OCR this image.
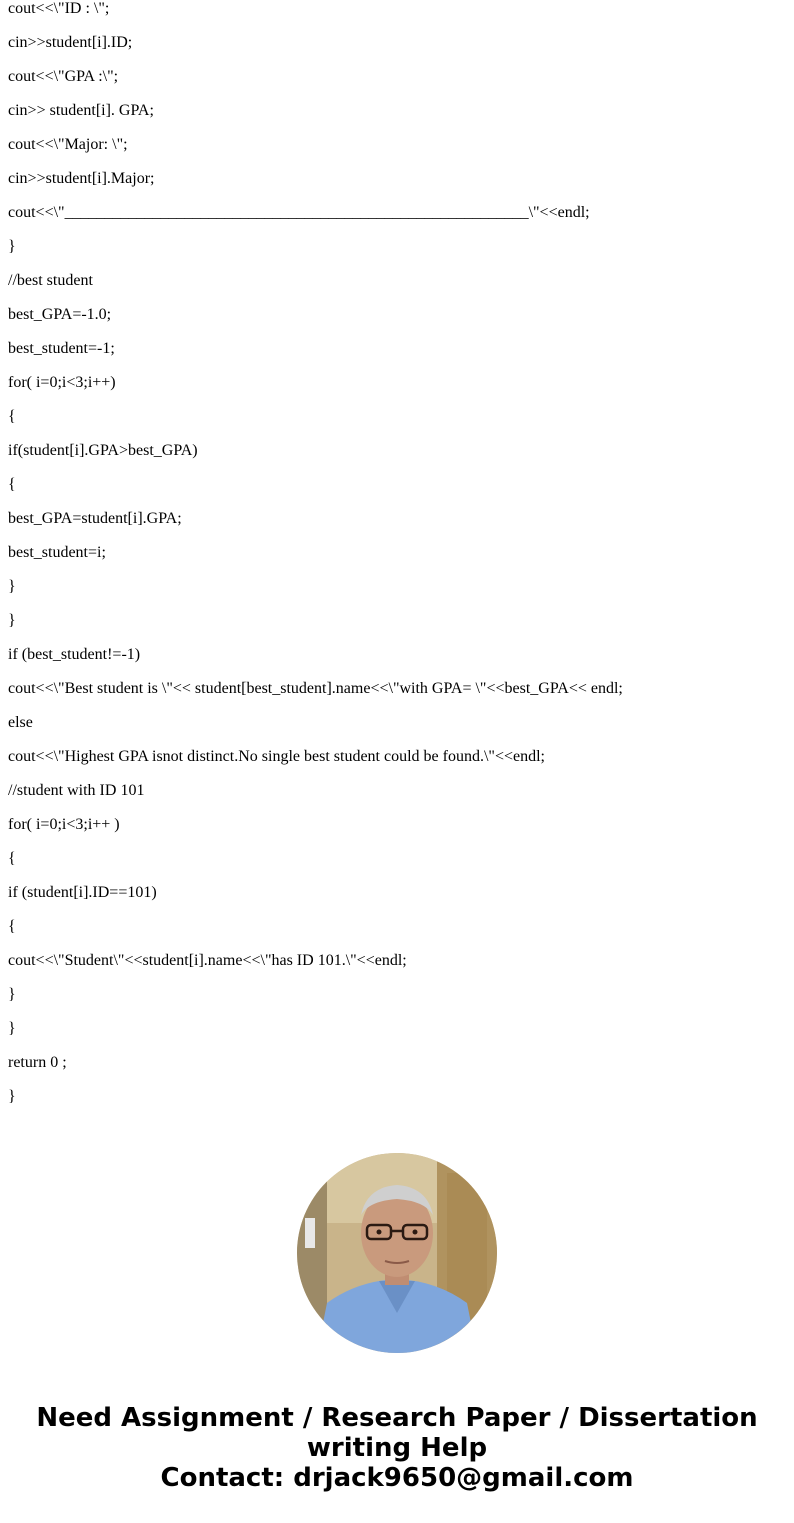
cout<<\"ID : \";
cin>>student[i].ID;
cout<<\"GPA :\";
cin>> student[i]. GPA;
cout<<\"Major: \";
cin>>student[i].Major;
cout<<\"__________________________________________________________\"<<endl;
}
//best student
best_GPA=-1.0;
best_student=-1;
for( i=0;i<3;i++)
{
if(student[i].GPA>best_GPA)
{
best_GPA=student[i].GPA;
best_student=i;
}
}
if (best_student!=-1)
cout<<\"Best student is \"<< student[best_student].name<<\"with GPA= \"<<best_GPA<< endl;
else
cout<<\"Highest GPA isnot distinct.No single best student could be found.\"<<endl;
//student with ID 101
for( i=0;i<3;i++ )
{
if (student[i].ID==101)
{
cout<<\"Student\"<<student[i].name<<\"has ID 101.\"<<endl;
}
}
return 0 ;
}
Need Assignment / Research Paper / Dissertation
writing Help
Contact: drjack9650@gmail.com
